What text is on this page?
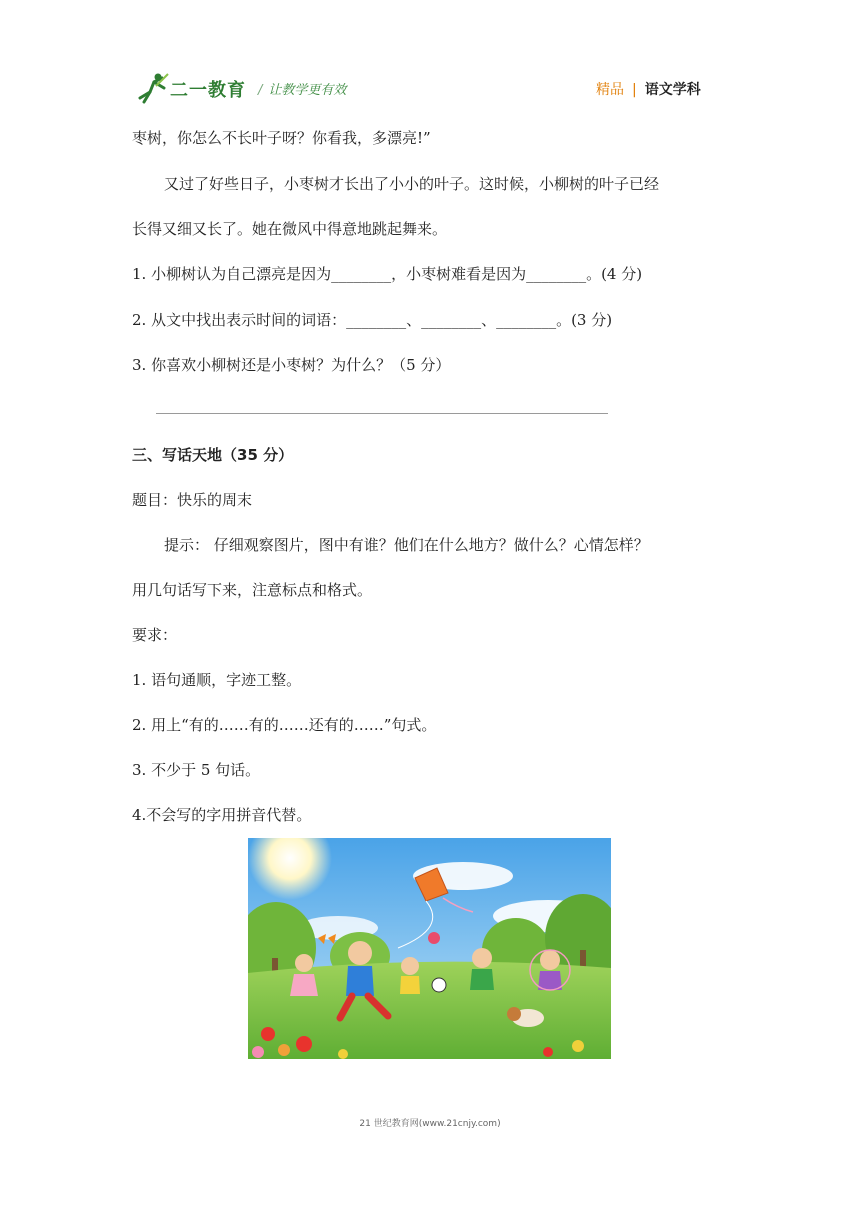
二一教育 / 让教学更有效	精品 | 语文学科
枣树，你怎么不长叶子呀？你看我，多漂亮!”
又过了好些日子，小枣树才长出了小小的叶子。这时候，小柳树的叶子已经
长得又细又长了。她在微风中得意地跳起舞来。
1. 小柳树认为自己漂亮是因为________，小枣树难看是因为________。(4 分)
2. 从文中找出表示时间的词语：________、________、________。(3 分)
3. 你喜欢小柳树还是小枣树？为什么？（5 分）
三、写话天地（35 分）
题目：快乐的周末
提示： 仔细观察图片，图中有谁？他们在什么地方？做什么？心情怎样？
用几句话写下来，注意标点和格式。
要求：
1. 语句通顺，字迹工整。
2. 用上“有的……有的……还有的……”句式。
3. 不少于 5 句话。
4.不会写的字用拼音代替。
21 世纪教育网(www.21cnjy.com)
